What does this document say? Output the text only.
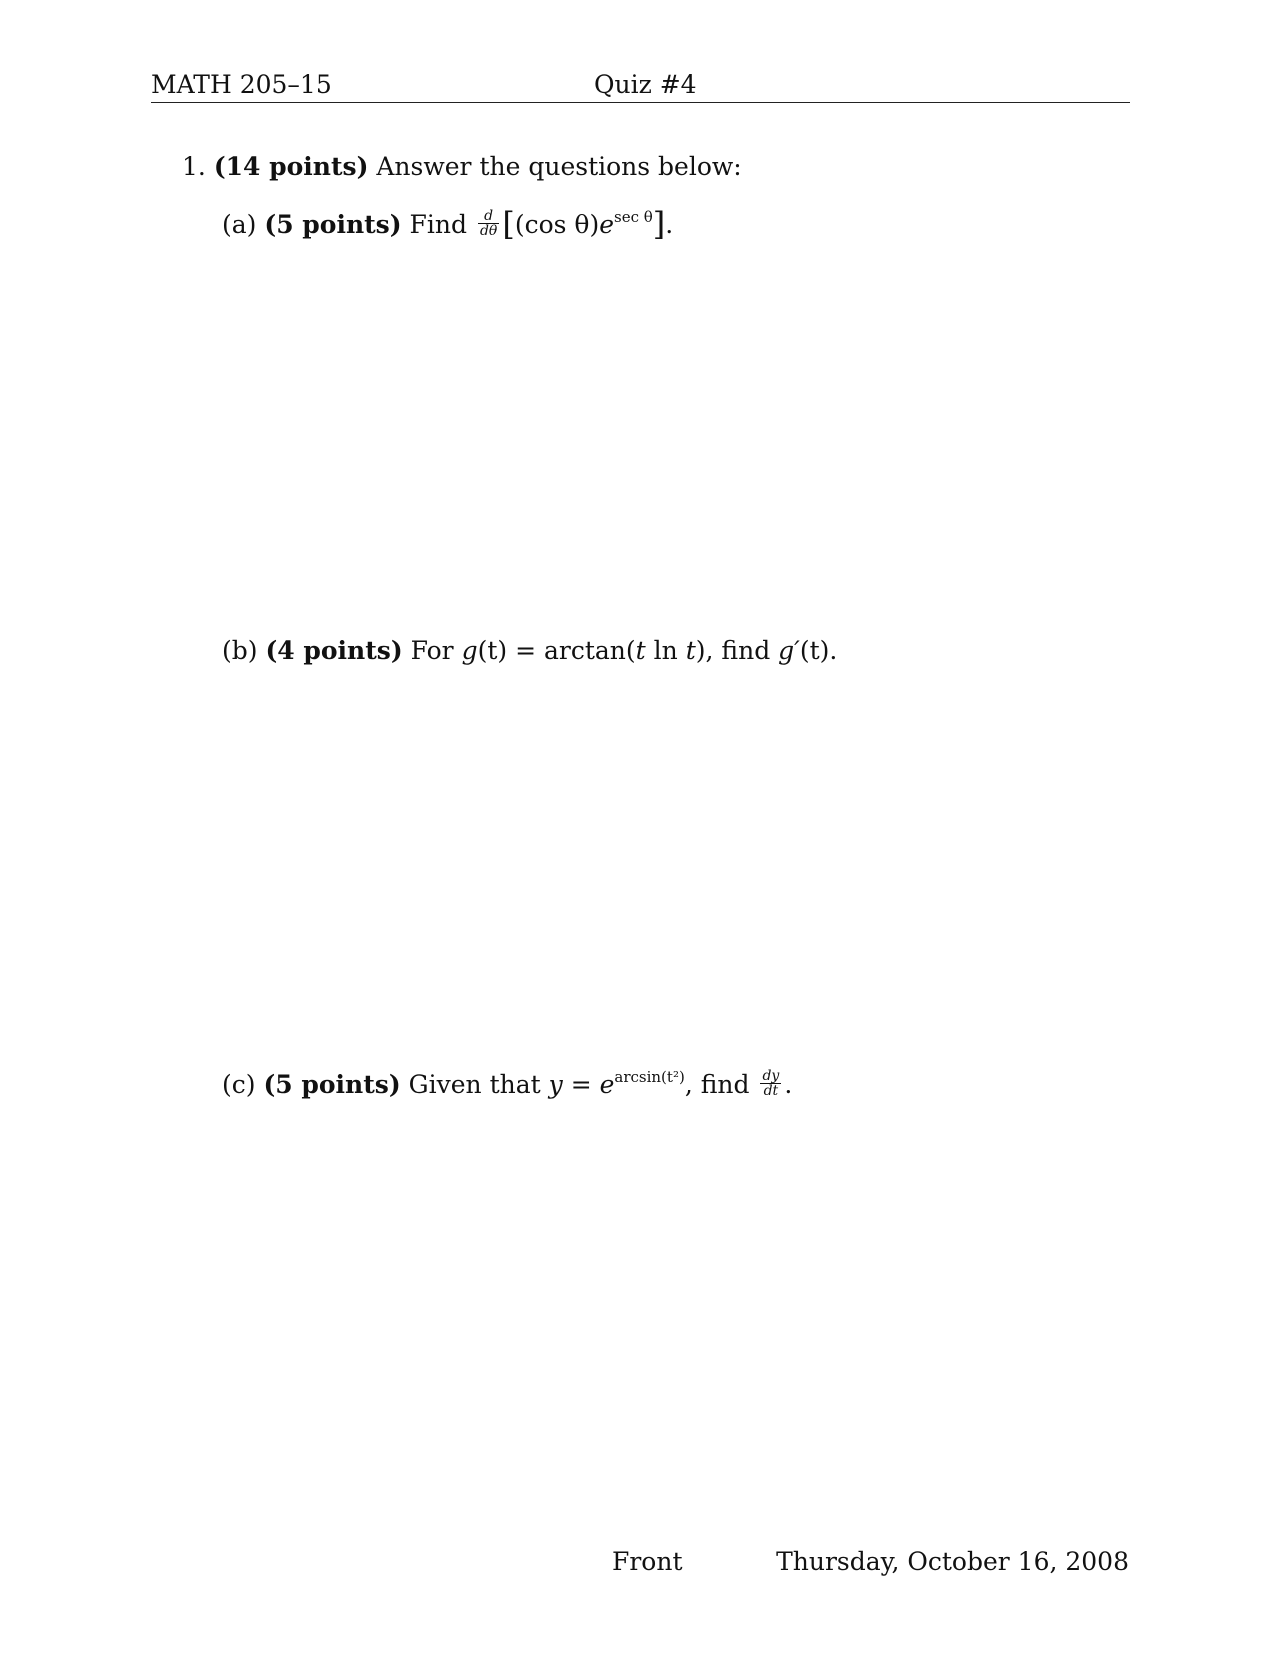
MATH 205–15	Quiz #4
1. (14 points) Answer the questions below:
(a) (5 points) Find $\frac{d}{d\theta} [(\cos$ $\theta)e^{sec \theta}$].
(b) (4 points) For g(t) = arctan(t ln t), find g′(t).
(c) (5 points) Given that $y = e^{arcsin(t^2)}$, find $\frac{dy}{dt}$ .
Front	Thursday, October 16, 2008
